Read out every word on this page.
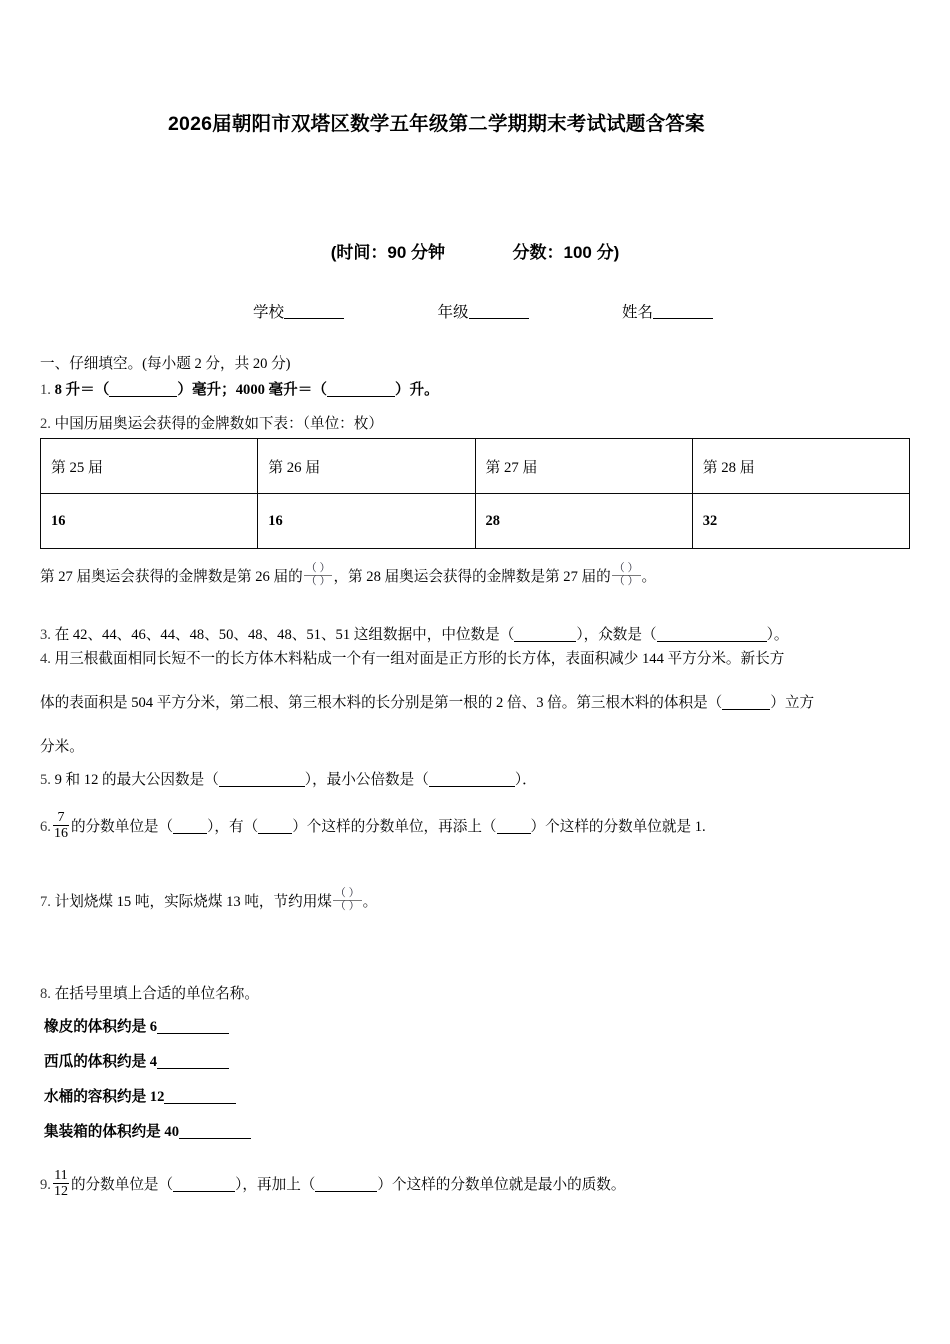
2026届朝阳市双塔区数学五年级第二学期期末考试试题含答案
(时间：90 分钟	分数：100 分)
学校	年级	姓名
一、仔细填空。(每小题 2 分，共 20 分)
1. 8 升＝（	）毫升；4000 毫升＝（	）升。
2. 中国历届奥运会获得的金牌数如下表：（单位：枚）
第 25 届	第 26 届	第 27 届	第 28 届
16	16	28	32
第 27 届奥运会获得的金牌数是第 26 届的 $\frac{( )}{( )}$ ，第 28 届奥运会获得的金牌数是第 27 届的 $\frac{( )}{( )}$ 。
3. 在 42、44、46、44、48、50、48、48、51、51 这组数据中，中位数是（	），众数是（	）。
4. 用三根截面相同长短不一的长方体木料粘成一个有一组对面是正方形的长方体，表面积减少 144 平方分米。新长方
体的表面积是 504 平方分米，第二根、第三根木料的长分别是第一根的 2 倍、3 倍。第三根木料的体积是（	）立方
分米。
5. 9 和 12 的最大公因数是（	），最小公倍数是（	）．
6. $\frac{7}{16}$ 的分数单位是（ ），有（ ）个这样的分数单位，再添上（ ）个这样的分数单位就是 1.
7. 计划烧煤 15 吨，实际烧煤 13 吨，节约用煤 $\frac{( )}{( )}$ 。
8. 在括号里填上合适的单位名称。
橡皮的体积约是 6
西瓜的体积约是 4
水桶的容积约是 12
集装箱的体积约是 40
9. $\frac{11}{12}$ 的分数单位是（	），再加上（	）个这样的分数单位就是最小的质数。
